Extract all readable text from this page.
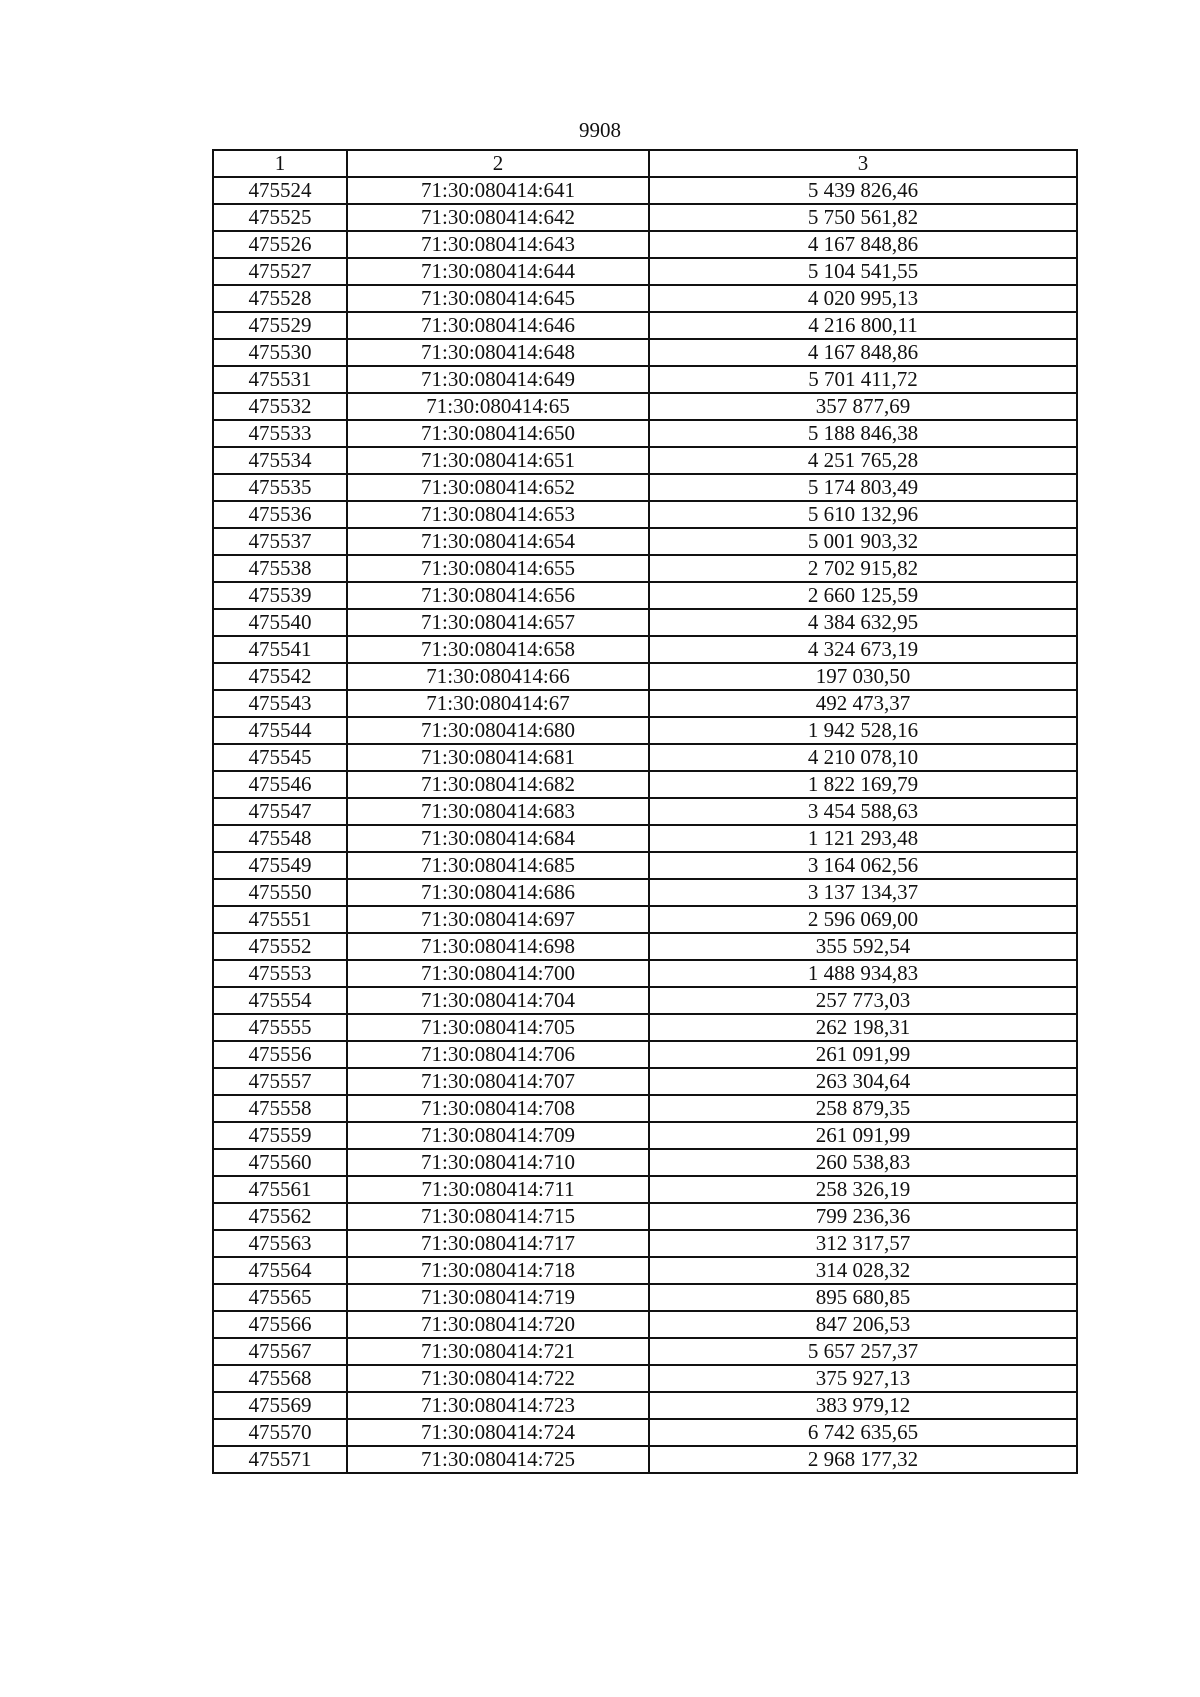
9908
1	2	3
475524	71:30:080414:641	5 439 826,46
475525	71:30:080414:642	5 750 561,82
475526	71:30:080414:643	4 167 848,86
475527	71:30:080414:644	5 104 541,55
475528	71:30:080414:645	4 020 995,13
475529	71:30:080414:646	4 216 800,11
475530	71:30:080414:648	4 167 848,86
475531	71:30:080414:649	5 701 411,72
475532	71:30:080414:65	357 877,69
475533	71:30:080414:650	5 188 846,38
475534	71:30:080414:651	4 251 765,28
475535	71:30:080414:652	5 174 803,49
475536	71:30:080414:653	5 610 132,96
475537	71:30:080414:654	5 001 903,32
475538	71:30:080414:655	2 702 915,82
475539	71:30:080414:656	2 660 125,59
475540	71:30:080414:657	4 384 632,95
475541	71:30:080414:658	4 324 673,19
475542	71:30:080414:66	197 030,50
475543	71:30:080414:67	492 473,37
475544	71:30:080414:680	1 942 528,16
475545	71:30:080414:681	4 210 078,10
475546	71:30:080414:682	1 822 169,79
475547	71:30:080414:683	3 454 588,63
475548	71:30:080414:684	1 121 293,48
475549	71:30:080414:685	3 164 062,56
475550	71:30:080414:686	3 137 134,37
475551	71:30:080414:697	2 596 069,00
475552	71:30:080414:698	355 592,54
475553	71:30:080414:700	1 488 934,83
475554	71:30:080414:704	257 773,03
475555	71:30:080414:705	262 198,31
475556	71:30:080414:706	261 091,99
475557	71:30:080414:707	263 304,64
475558	71:30:080414:708	258 879,35
475559	71:30:080414:709	261 091,99
475560	71:30:080414:710	260 538,83
475561	71:30:080414:711	258 326,19
475562	71:30:080414:715	799 236,36
475563	71:30:080414:717	312 317,57
475564	71:30:080414:718	314 028,32
475565	71:30:080414:719	895 680,85
475566	71:30:080414:720	847 206,53
475567	71:30:080414:721	5 657 257,37
475568	71:30:080414:722	375 927,13
475569	71:30:080414:723	383 979,12
475570	71:30:080414:724	6 742 635,65
475571	71:30:080414:725	2 968 177,32
